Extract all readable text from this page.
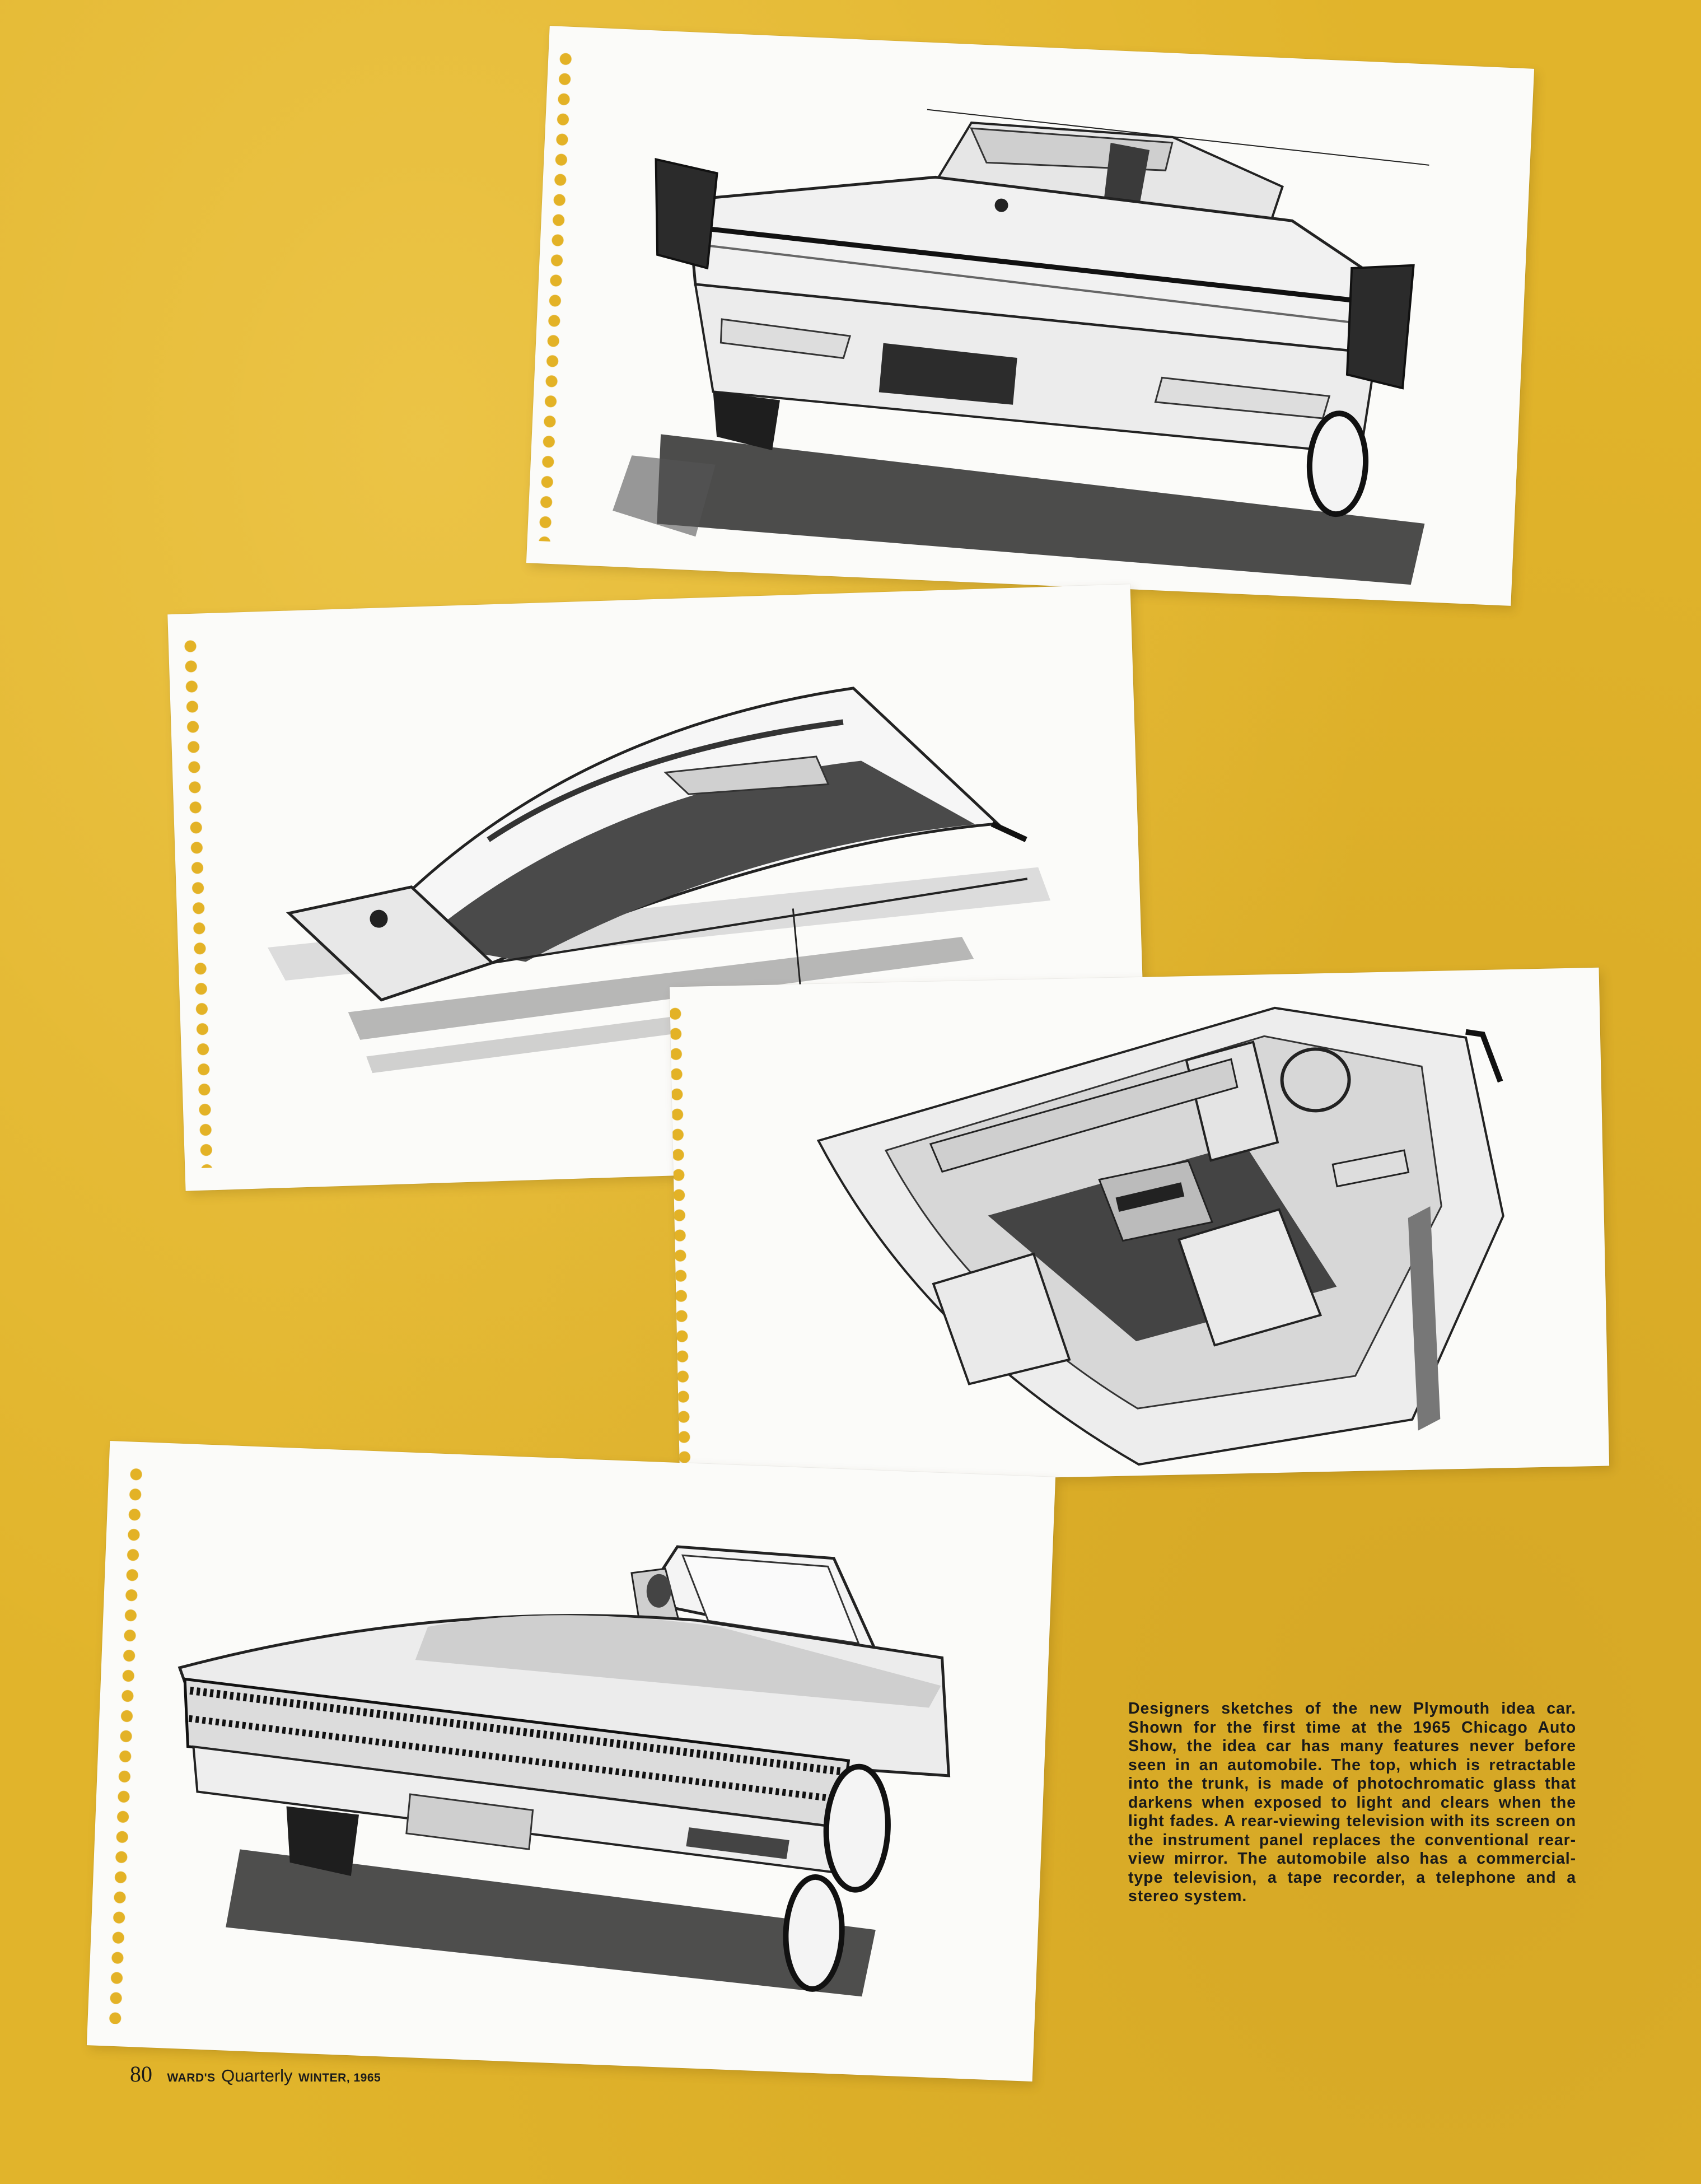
Designers sketches of the new Plymouth idea car. Shown for the first time at the 1965 Chicago Auto Show, the idea car has many features never before seen in an automobile. The top, which is retractable into the trunk, is made of photochromatic glass that darkens when exposed to light and clears when the light fades. A rear-viewing television with its screen on the instrument panel replaces the conventional rear-view mirror. The automobile also has a commercial-type television, a tape recorder, a telephone and a stereo system.
80 WARD'S Quarterly WINTER, 1965
